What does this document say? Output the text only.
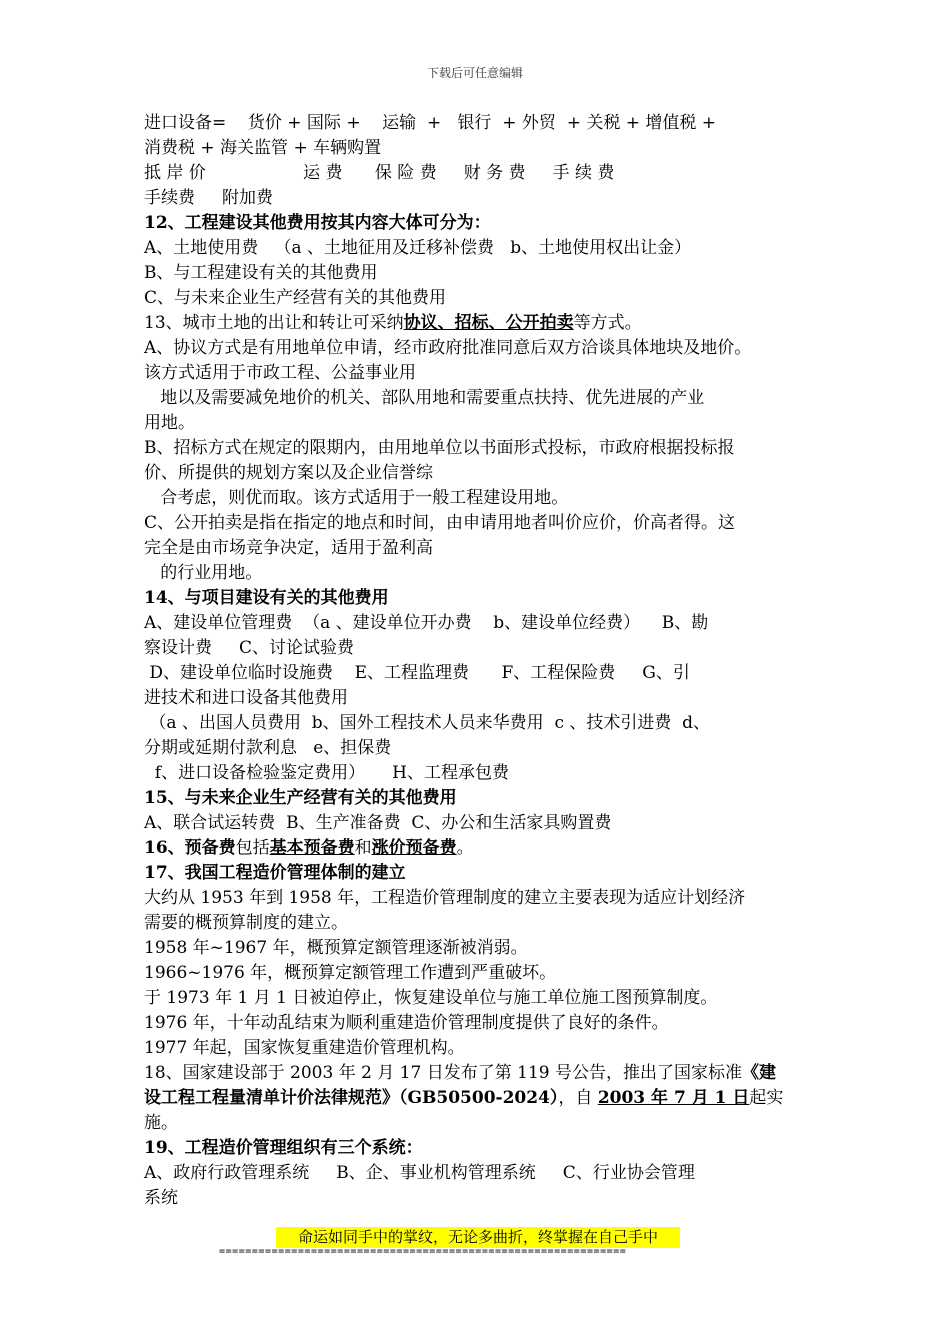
下载后可任意编辑
进口设备=    货价 + 国际 +    运输  +   银行  + 外贸  + 关税 + 增值税 +
消费税 + 海关监管 + 车辆购置
抵 岸 价                  运 费      保 险 费     财 务 费     手 续 费
手续费     附加费
12、工程建设其他费用按其内容大体可分为：
A、土地使用费   （a 、土地征用及迁移补偿费   b、土地使用权出让金）
B、与工程建设有关的其他费用
C、与未来企业生产经营有关的其他费用
13、城市土地的出让和转让可采纳协议、招标、公开拍卖等方式。
A、协议方式是有用地单位申请，经市政府批准同意后双方洽谈具体地块及地价。
该方式适用于市政工程、公益事业用
地以及需要减免地价的机关、部队用地和需要重点扶持、优先进展的产业
用地。
B、招标方式在规定的限期内，由用地单位以书面形式投标，市政府根据投标报
价、所提供的规划方案以及企业信誉综
合考虑，则优而取。该方式适用于一般工程建设用地。
C、公开拍卖是指在指定的地点和时间，由申请用地者叫价应价，价高者得。这
完全是由市场竞争决定，适用于盈利高
的行业用地。
14、与项目建设有关的其他费用
A、建设单位管理费  （a 、建设单位开办费    b、建设单位经费）    B、勘
察设计费     C、讨论试验费
D、建设单位临时设施费    E、工程监理费      F、工程保险费     G、引
进技术和进口设备其他费用
（a 、出国人员费用  b、国外工程技术人员来华费用  c 、技术引进费  d、
分期或延期付款利息   e、担保费
f、进口设备检验鉴定费用）     H、工程承包费
15、与未来企业生产经营有关的其他费用
A、联合试运转费  B、生产准备费  C、办公和生活家具购置费
16、预备费包括基本预备费和涨价预备费。
17、我国工程造价管理体制的建立
大约从 1953 年到 1958 年，工程造价管理制度的建立主要表现为适应计划经济
需要的概预算制度的建立。
1958 年~1967 年，概预算定额管理逐渐被消弱。
1966~1976 年，概预算定额管理工作遭到严重破坏。
于 1973 年 1 月 1 日被迫停止，恢复建设单位与施工单位施工图预算制度。
1976 年，十年动乱结束为顺利重建造价管理制度提供了良好的条件。
1977 年起，国家恢复重建造价管理机构。
18、国家建设部于 2003 年 2 月 17 日发布了第 119 号公告，推出了国家标准《建
设工程工程量清单计价法律规范》（GB50500-2024），自 2003 年 7 月 1 日起实
施。
19、工程造价管理组织有三个系统：
A、政府行政管理系统     B、企、事业机构管理系统     C、行业协会管理
系统
命运如同手中的掌纹，无论多曲折，终掌握在自己手中
==============================================================
